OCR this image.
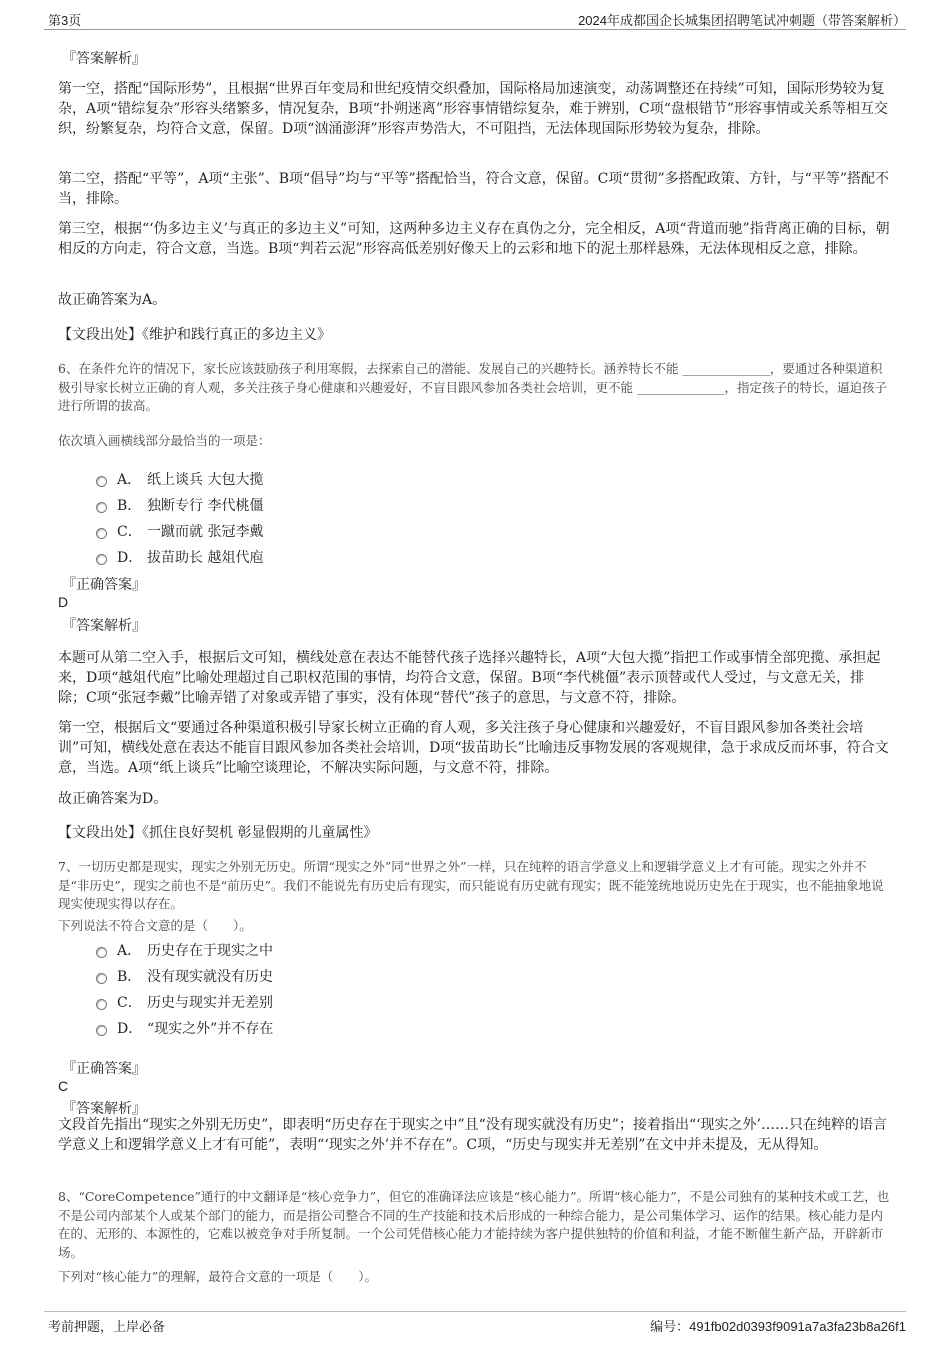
第3页	2024年成都国企长城集团招聘笔试冲刺题（带答案解析）
『答案解析』

第一空，搭配“国际形势”，且根据“世界百年变局和世纪疫情交织叠加，国际格局加速演变，动荡调整还在持续”可知，国际形势较为复杂，A项“错综复杂”形容头绪繁多，情况复杂，B项“扑朔迷离”形容事情错综复杂，难于辨别，C项“盘根错节”形容事情或关系等相互交织，纷繁复杂，均符合文意，保留。D项“汹涌澎湃”形容声势浩大，不可阻挡，无法体现国际形势较为复杂，排除。

第二空，搭配“平等”，A项“主张”、B项“倡导”均与“平等”搭配恰当，符合文意，保留。C项“贯彻”多搭配政策、方针，与“平等”搭配不当，排除。

第三空，根据“‘伪多边主义’与真正的多边主义”可知，这两种多边主义存在真伪之分，完全相反，A项“背道而驰”指背离正确的目标，朝相反的方向走，符合文意，当选。B项“判若云泥”形容高低差别好像天上的云彩和地下的泥土那样悬殊，无法体现相反之意，排除。

故正确答案为A。
【文段出处】《维护和践行真正的多边主义》

6、在条件允许的情况下，家长应该鼓励孩子利用寒假，去探索自己的潜能、发展自己的兴趣特长。涵养特长不能 ______________，要通过各种渠道积极引导家长树立正确的育人观，多关注孩子身心健康和兴趣爱好，不盲目跟风参加各类社会培训，更不能 ______________，指定孩子的特长，逼迫孩子进行所谓的拔高。

依次填入画横线部分最恰当的一项是：
A． 纸上谈兵 大包大揽
B． 独断专行 李代桃僵
C． 一蹴而就 张冠李戴
D． 拔苗助长 越俎代庖
『正确答案』
D
『答案解析』

本题可从第二空入手，根据后文可知，横线处意在表达不能替代孩子选择兴趣特长，A项“大包大揽”指把工作或事情全部兜揽、承担起来，D项“越俎代庖”比喻处理超过自己职权范围的事情，均符合文意，保留。B项“李代桃僵”表示顶替或代人受过，与文意无关，排除；C项“张冠李戴”比喻弄错了对象或弄错了事实，没有体现“替代”孩子的意思，与文意不符，排除。

第一空，根据后文“要通过各种渠道积极引导家长树立正确的育人观，多关注孩子身心健康和兴趣爱好，不盲目跟风参加各类社会培训”可知，横线处意在表达不能盲目跟风参加各类社会培训，D项“拔苗助长”比喻违反事物发展的客观规律，急于求成反而坏事，符合文意，当选。A项“纸上谈兵”比喻空谈理论，不解决实际问题，与文意不符，排除。

故正确答案为D。
【文段出处】《抓住良好契机 彰显假期的儿童属性》

7、一切历史都是现实，现实之外别无历史。所谓“现实之外”同“世界之外”一样，只在纯粹的语言学意义上和逻辑学意义上才有可能。现实之外并不是“非历史”，现实之前也不是“前历史”。我们不能说先有历史后有现实，而只能说有历史就有现实；既不能笼统地说历史先在于现实，也不能抽象地说现实使现实得以存在。

下列说法不符合文意的是（　　）。
A． 历史存在于现实之中
B． 没有现实就没有历史
C． 历史与现实并无差别
D． “现实之外”并不存在
『正确答案』
C
『答案解析』

文段首先指出“现实之外别无历史”，即表明“历史存在于现实之中”且“没有现实就没有历史”；接着指出“‘现实之外’……只在纯粹的语言学意义上和逻辑学意义上才有可能”，表明“‘现实之外’并不存在”。C项，“历史与现实并无差别”在文中并未提及，无从得知。

8、“CoreCompetence”通行的中文翻译是“核心竞争力”，但它的准确译法应该是“核心能力”。所谓“核心能力”，不是公司独有的某种技术或工艺，也不是公司内部某个人或某个部门的能力，而是指公司整合不同的生产技能和技术后形成的一种综合能力，是公司集体学习、运作的结果。核心能力是内在的、无形的、本源性的，它难以被竞争对手所复制。一个公司凭借核心能力才能持续为客户提供独特的价值和利益，才能不断催生新产品，开辟新市场。

下列对“核心能力”的理解，最符合文意的一项是（　　）。
考前押题，上岸必备	编号：491fb02d0393f9091a7a3fa23b8a26f1
